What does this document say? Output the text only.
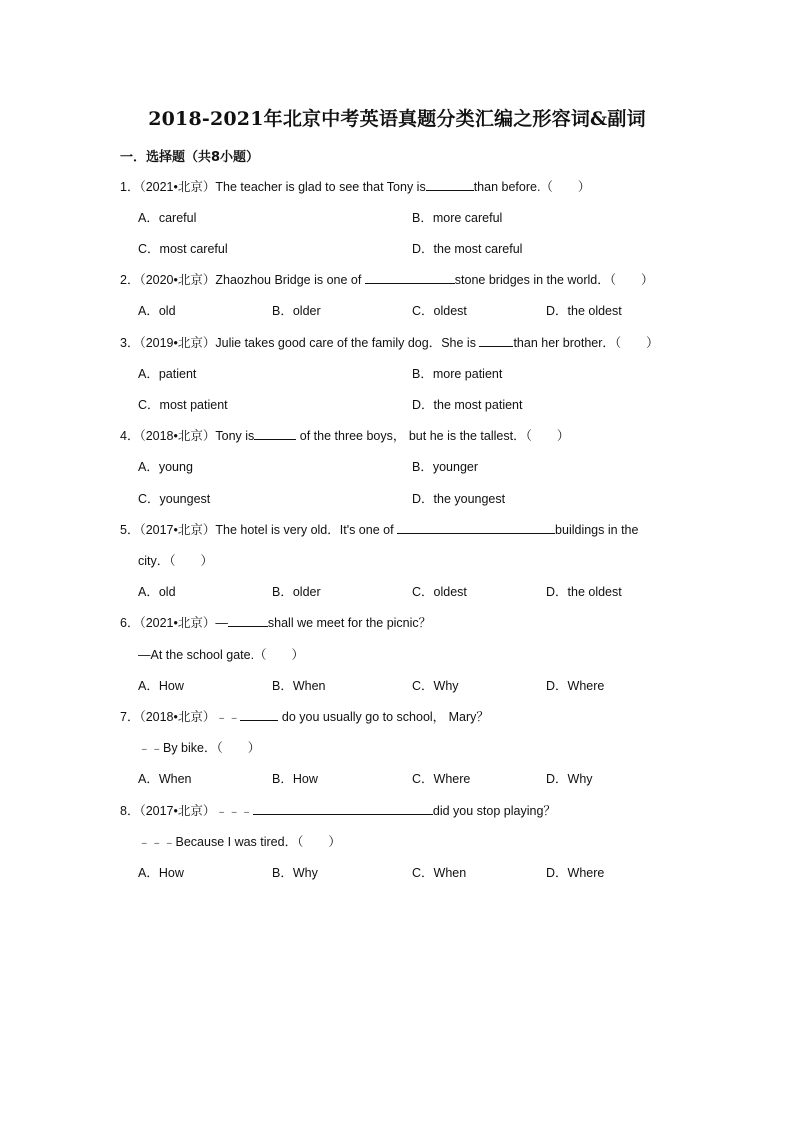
2018-2021年北京中考英语真题分类汇编之形容词&副词
一．选择题（共8小题）
1．（2021•北京）The teacher is glad to see that Tony is	than before.（　　）
A．careful	B．more careful
C．most careful	D．the most careful
2．（2020•北京）Zhaozhou Bridge is one of	stone bridges in the world．（　　）
A．old	B．older	C．oldest	D．the oldest
3．（2019•北京）Julie takes good care of the family dog．She is	than her brother．（　　）
A．patient	B．more patient
C．most patient	D．the most patient
4．（2018•北京）Tony is	of the three boys， but he is the tallest．（　　）
A．young	B．younger
C．youngest	D．the youngest
5．（2017•北京）The hotel is very old．It's one of	buildings in the
city．（　　）
A．old	B．older	C．oldest	D．the oldest
6．（2021•北京）—	shall we meet for the picnic？
—At the school gate.（　　）
A．How	B．When	C．Why	D．Where
7．（2018•北京）﹣﹣	do you usually go to school， Mary？
﹣﹣By bike．（　　）
A．When	B．How	C．Where	D．Why
8．（2017•北京）﹣﹣﹣	did you stop playing？
﹣﹣﹣Because I was tired．（　　）
A．How	B．Why	C．When	D．Where
